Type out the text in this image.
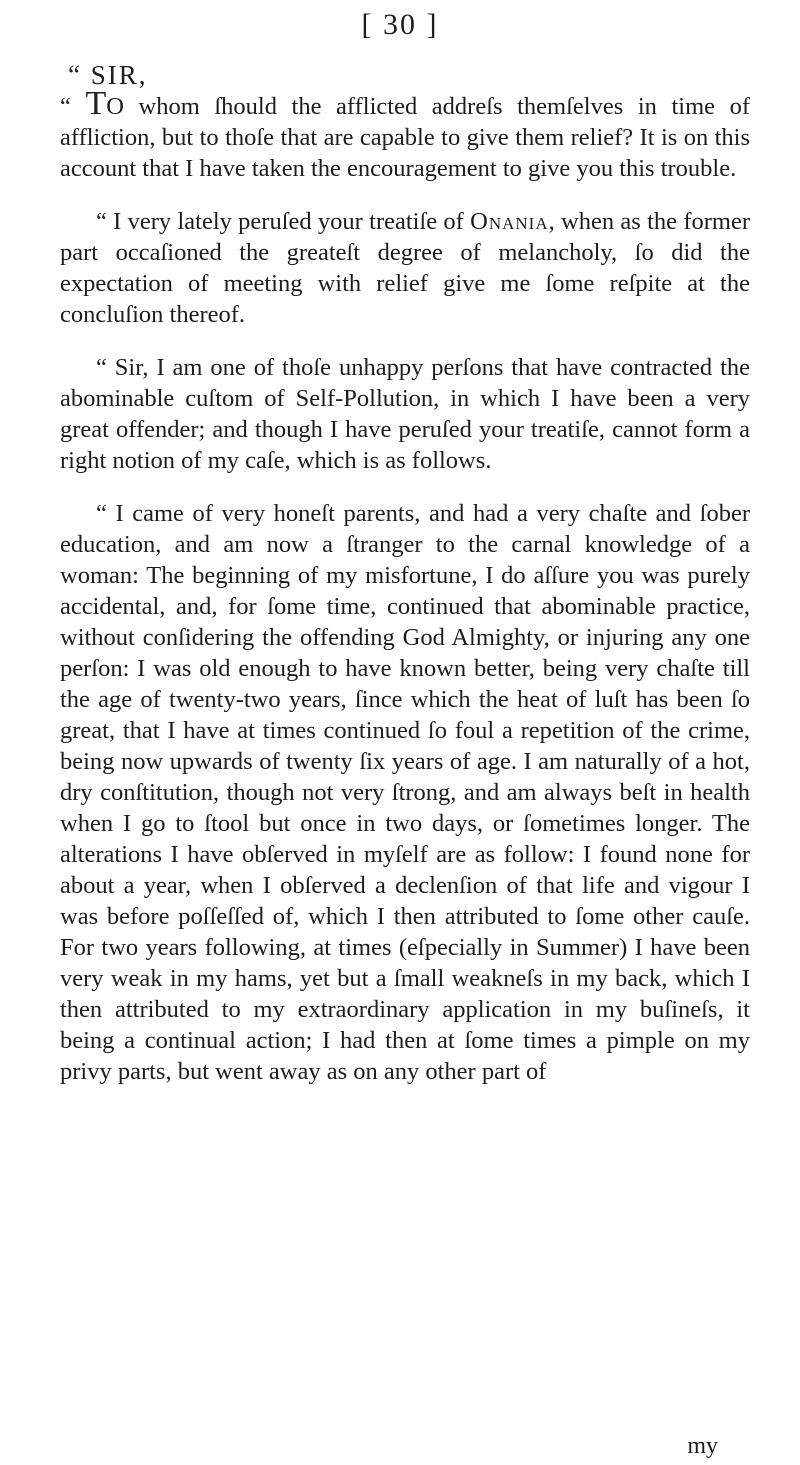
[ 30 ]
“ SIR,

“ TO whom ſhould the afflicted addreſs themſelves in time of affliction, but to thoſe that are capable to give them relief? It is on this account that I have taken the encouragement to give you this trouble.

“ I very lately peruſed your treatiſe of Onania, when as the former part occaſioned the greateſt degree of melancholy, ſo did the expectation of meeting with relief give me ſome reſpite at the concluſion thereof.

“ Sir, I am one of thoſe unhappy perſons that have contracted the abominable cuſtom of Self-Pollution, in which I have been a very great offender; and though I have peruſed your treatiſe, cannot form a right notion of my caſe, which is as follows.

“ I came of very honeſt parents, and had a very chaſte and ſober education, and am now a ſtranger to the carnal knowledge of a woman: The beginning of my misfortune, I do aſſure you was purely accidental, and, for ſome time, continued that abominable practice, without conſidering the offending God Almighty, or injuring any one perſon: I was old enough to have known better, being very chaſte till the age of twenty-two years, ſince which the heat of luſt has been ſo great, that I have at times continued ſo foul a repetition of the crime, being now upwards of twenty ſix years of age. I am naturally of a hot, dry conſtitution, though not very ſtrong, and am always beſt in health when I go to ſtool but once in two days, or ſometimes longer. The alterations I have obſerved in myſelf are as follow: I found none for about a year, when I obſerved a declenſion of that life and vigour I was before poſſeſſed of, which I then attributed to ſome other cauſe. For two years following, at times (eſpecially in Summer) I have been very weak in my hams, yet but a ſmall weakneſs in my back, which I then attributed to my extraordinary application in my buſineſs, it being a continual action; I had then at ſome times a pimple on my privy parts, but went away as on any other part of

my
